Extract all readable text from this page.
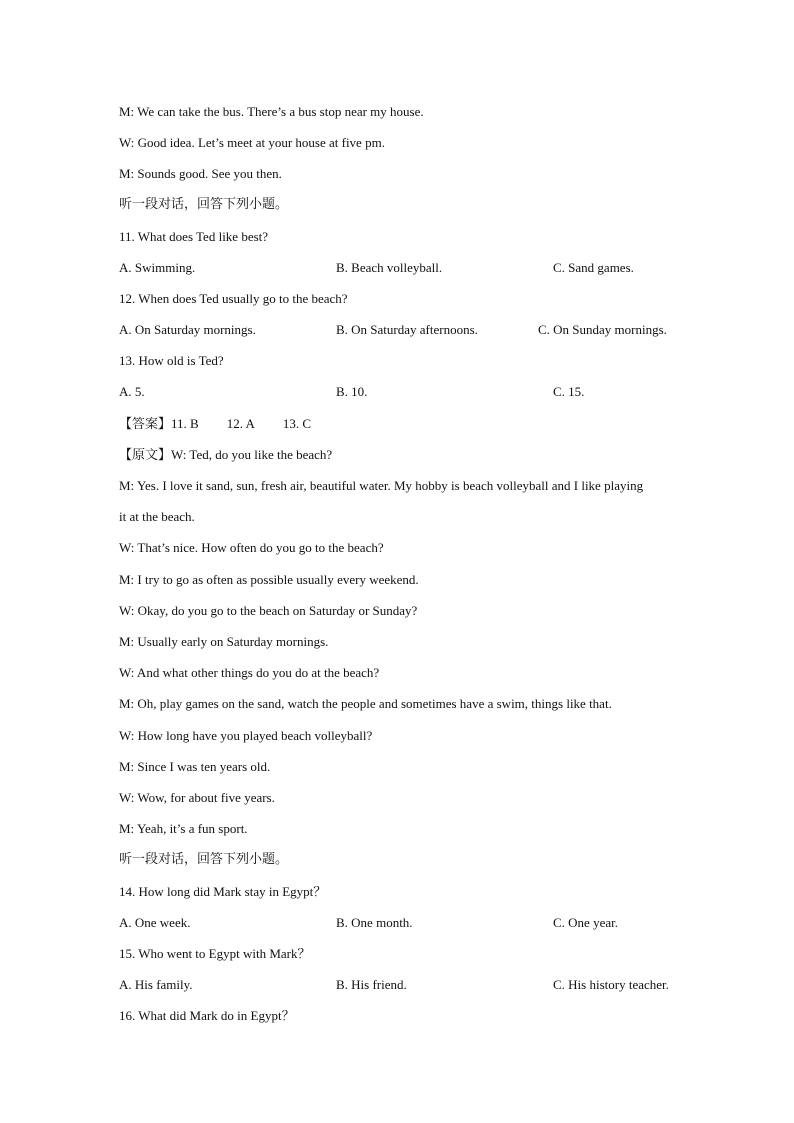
M: We can take the bus. There’s a bus stop near my house.
W: Good idea. Let’s meet at your house at five pm.
M: Sounds good. See you then.
听一段对话，回答下列小题。
11. What does Ted like best?
A. Swimming.	B. Beach volleyball.	C. Sand games.
12. When does Ted usually go to the beach?
A. On Saturday mornings.	B. On Saturday afternoons.	C. On Sunday mornings.
13. How old is Ted?
A. 5.	B. 10.	C. 15.
【答案】11. B 12. A 13. C
【原文】W: Ted, do you like the beach?
M: Yes. I love it sand, sun, fresh air, beautiful water. My hobby is beach volleyball and I like playing
it at the beach.
W: That’s nice. How often do you go to the beach?
M: I try to go as often as possible usually every weekend.
W: Okay, do you go to the beach on Saturday or Sunday?
M: Usually early on Saturday mornings.
W: And what other things do you do at the beach?
M: Oh, play games on the sand, watch the people and sometimes have a swim, things like that.
W: How long have you played beach volleyball?
M: Since I was ten years old.
W: Wow, for about five years.
M: Yeah, it’s a fun sport.
听一段对话，回答下列小题。
14. How long did Mark stay in Egypt？
A. One week.	B. One month.	C. One year.
15. Who went to Egypt with Mark？
A. His family.	B. His friend.	C. His history teacher.
16. What did Mark do in Egypt？
